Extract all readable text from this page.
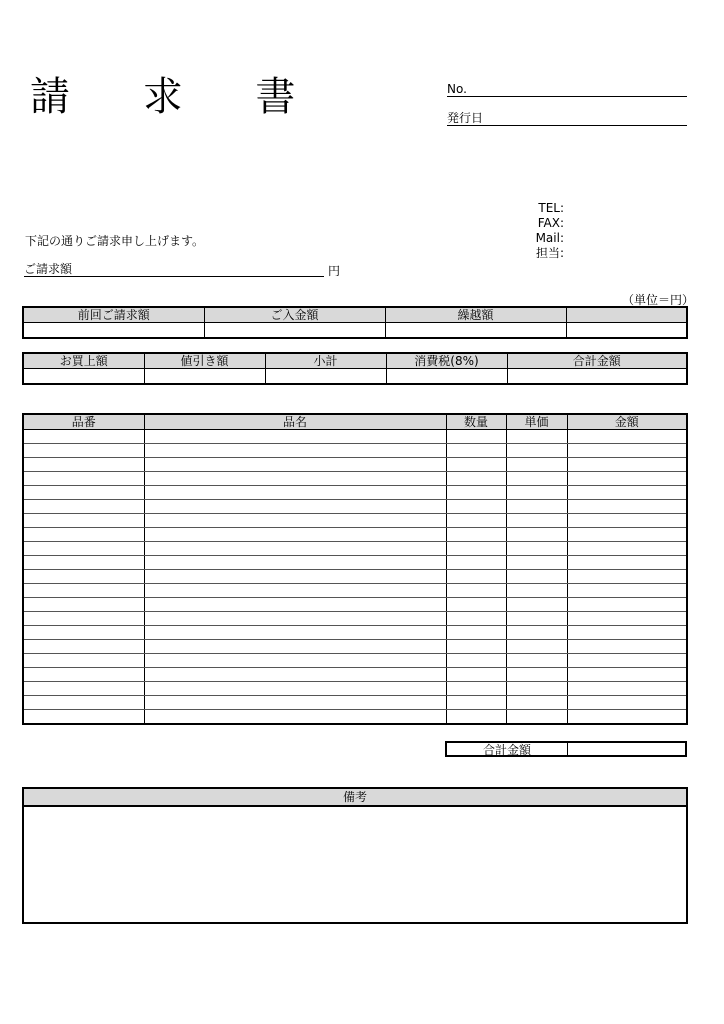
請 求 書	No.
発行日
TEL:
FAX:
Mail:
担当:
下記の通りご請求申し上げます。
ご請求額	円
（単位＝円）
前回ご請求額	ご入金額	繰越額	

お買上額	値引き額	小計	消費税(8%)	合計金額

品番	品名	数量	単価	金額

合計金額
備考
